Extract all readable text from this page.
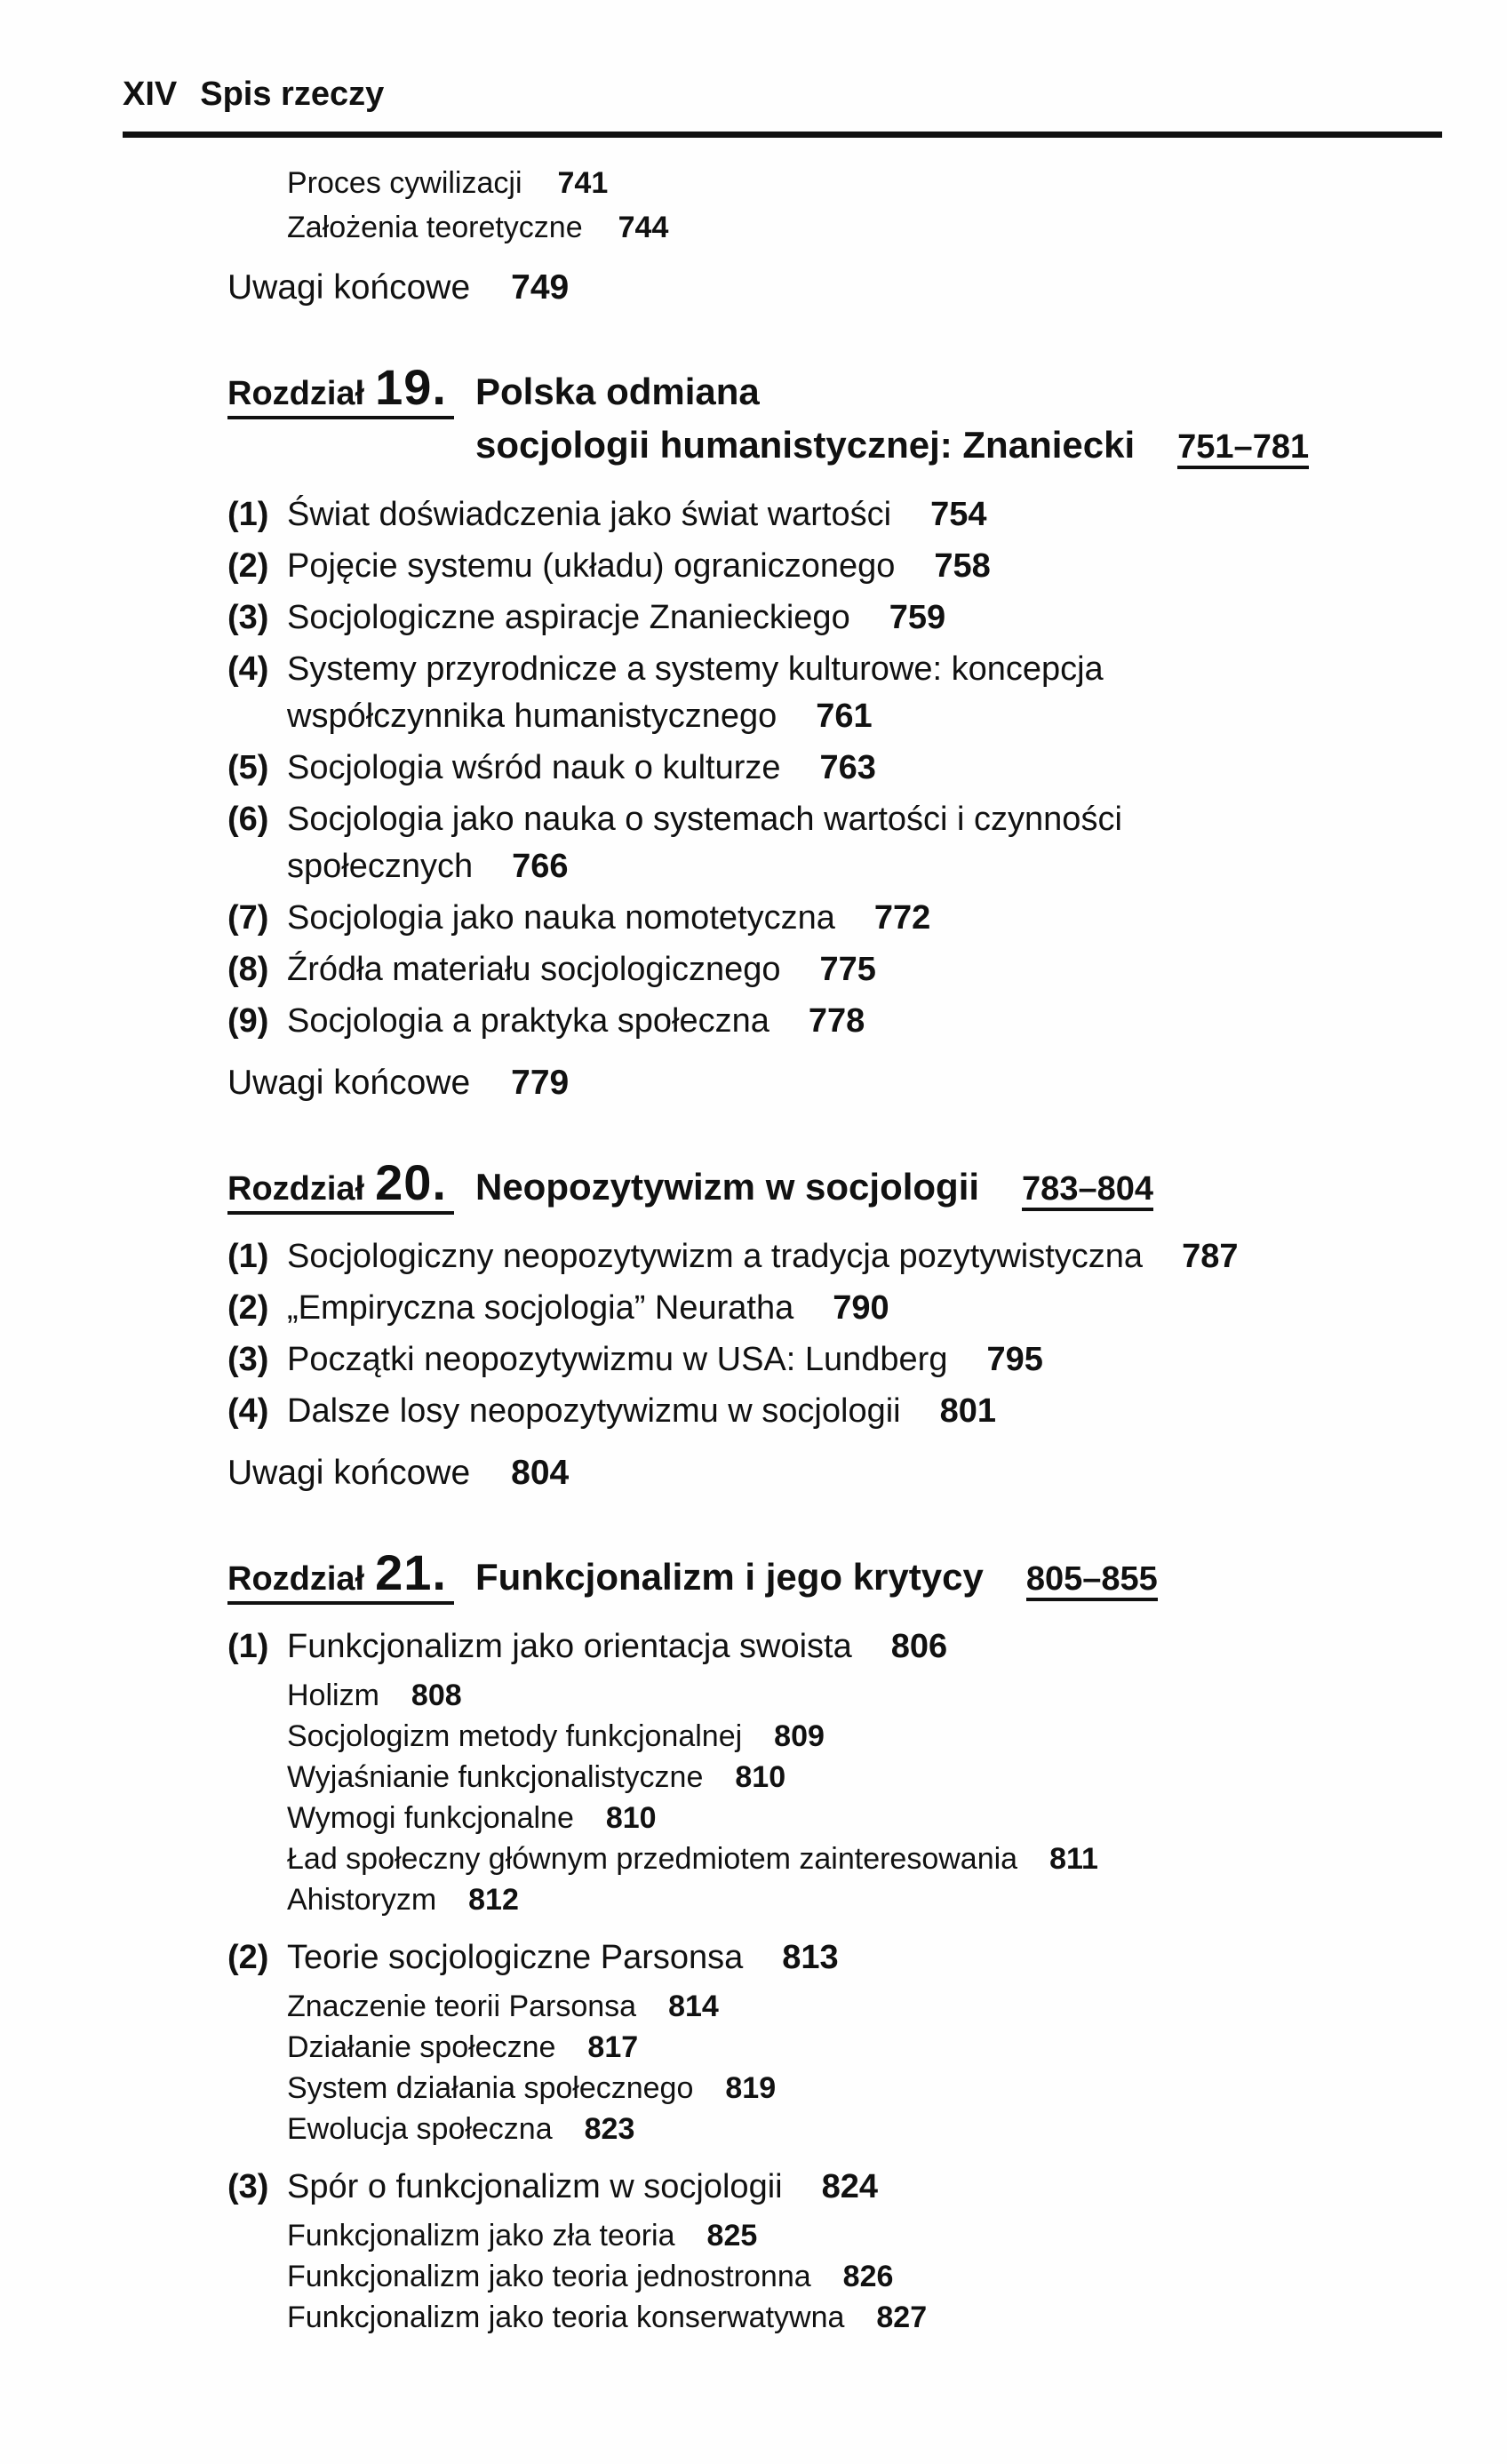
XIV Spis rzeczy
Proces cywilizacji 741
Założenia teoretyczne 744
Uwagi końcowe 749
Rozdział 19. Polska odmiana
socjologii humanistycznej: Znaniecki 751–781
(1) Świat doświadczenia jako świat wartości 754
(2) Pojęcie systemu (układu) ograniczonego 758
(3) Socjologiczne aspiracje Znanieckiego 759
(4) Systemy przyrodnicze a systemy kulturowe: koncepcja
współczynnika humanistycznego 761
(5) Socjologia wśród nauk o kulturze 763
(6) Socjologia jako nauka o systemach wartości i czynności
społecznych 766
(7) Socjologia jako nauka nomotetyczna 772
(8) Źródła materiału socjologicznego 775
(9) Socjologia a praktyka społeczna 778
Uwagi końcowe 779
Rozdział 20. Neopozytywizm w socjologii 783–804
(1) Socjologiczny neopozytywizm a tradycja pozytywistyczna 787
(2) „Empiryczna socjologia” Neuratha 790
(3) Początki neopozytywizmu w USA: Lundberg 795
(4) Dalsze losy neopozytywizmu w socjologii 801
Uwagi końcowe 804
Rozdział 21. Funkcjonalizm i jego krytycy 805–855
(1) Funkcjonalizm jako orientacja swoista 806
Holizm 808
Socjologizm metody funkcjonalnej 809
Wyjaśnianie funkcjonalistyczne 810
Wymogi funkcjonalne 810
Ład społeczny głównym przedmiotem zainteresowania 811
Ahistoryzm 812
(2) Teorie socjologiczne Parsonsa 813
Znaczenie teorii Parsonsa 814
Działanie społeczne 817
System działania społecznego 819
Ewolucja społeczna 823
(3) Spór o funkcjonalizm w socjologii 824
Funkcjonalizm jako zła teoria 825
Funkcjonalizm jako teoria jednostronna 826
Funkcjonalizm jako teoria konserwatywna 827
